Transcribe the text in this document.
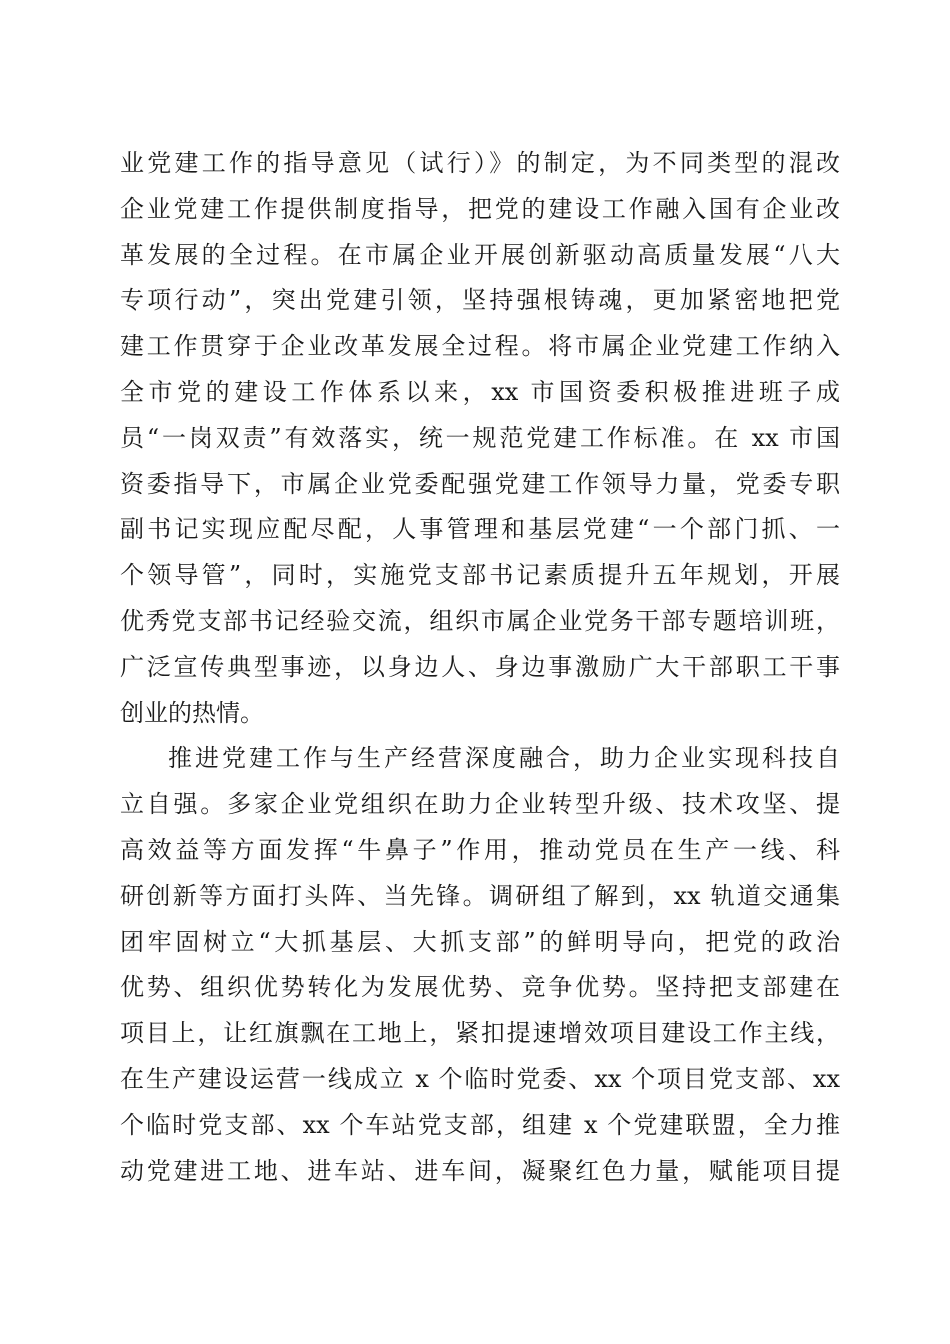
业党建工作的指导意见（试行）》的制定，为不同类型的混改
企业党建工作提供制度指导，把党的建设工作融入国有企业改
革发展的全过程。在市属企业开展创新驱动高质量发展“八大
专项行动”，突出党建引领，坚持强根铸魂，更加紧密地把党
建工作贯穿于企业改革发展全过程。将市属企业党建工作纳入
全市党的建设工作体系以来，xx 市国资委积极推进班子成
员“一岗双责”有效落实，统一规范党建工作标准。在 xx 市国
资委指导下，市属企业党委配强党建工作领导力量，党委专职
副书记实现应配尽配，人事管理和基层党建“一个部门抓、一
个领导管”，同时，实施党支部书记素质提升五年规划，开展
优秀党支部书记经验交流，组织市属企业党务干部专题培训班，
广泛宣传典型事迹，以身边人、身边事激励广大干部职工干事
创业的热情。
推进党建工作与生产经营深度融合，助力企业实现科技自
立自强。多家企业党组织在助力企业转型升级、技术攻坚、提
高效益等方面发挥“牛鼻子”作用，推动党员在生产一线、科
研创新等方面打头阵、当先锋。调研组了解到，xx 轨道交通集
团牢固树立“大抓基层、大抓支部”的鲜明导向，把党的政治
优势、组织优势转化为发展优势、竞争优势。坚持把支部建在
项目上，让红旗飘在工地上，紧扣提速增效项目建设工作主线，
在生产建设运营一线成立 x 个临时党委、xx 个项目党支部、xx
个临时党支部、xx 个车站党支部，组建 x 个党建联盟，全力推
动党建进工地、进车站、进车间，凝聚红色力量，赋能项目提
